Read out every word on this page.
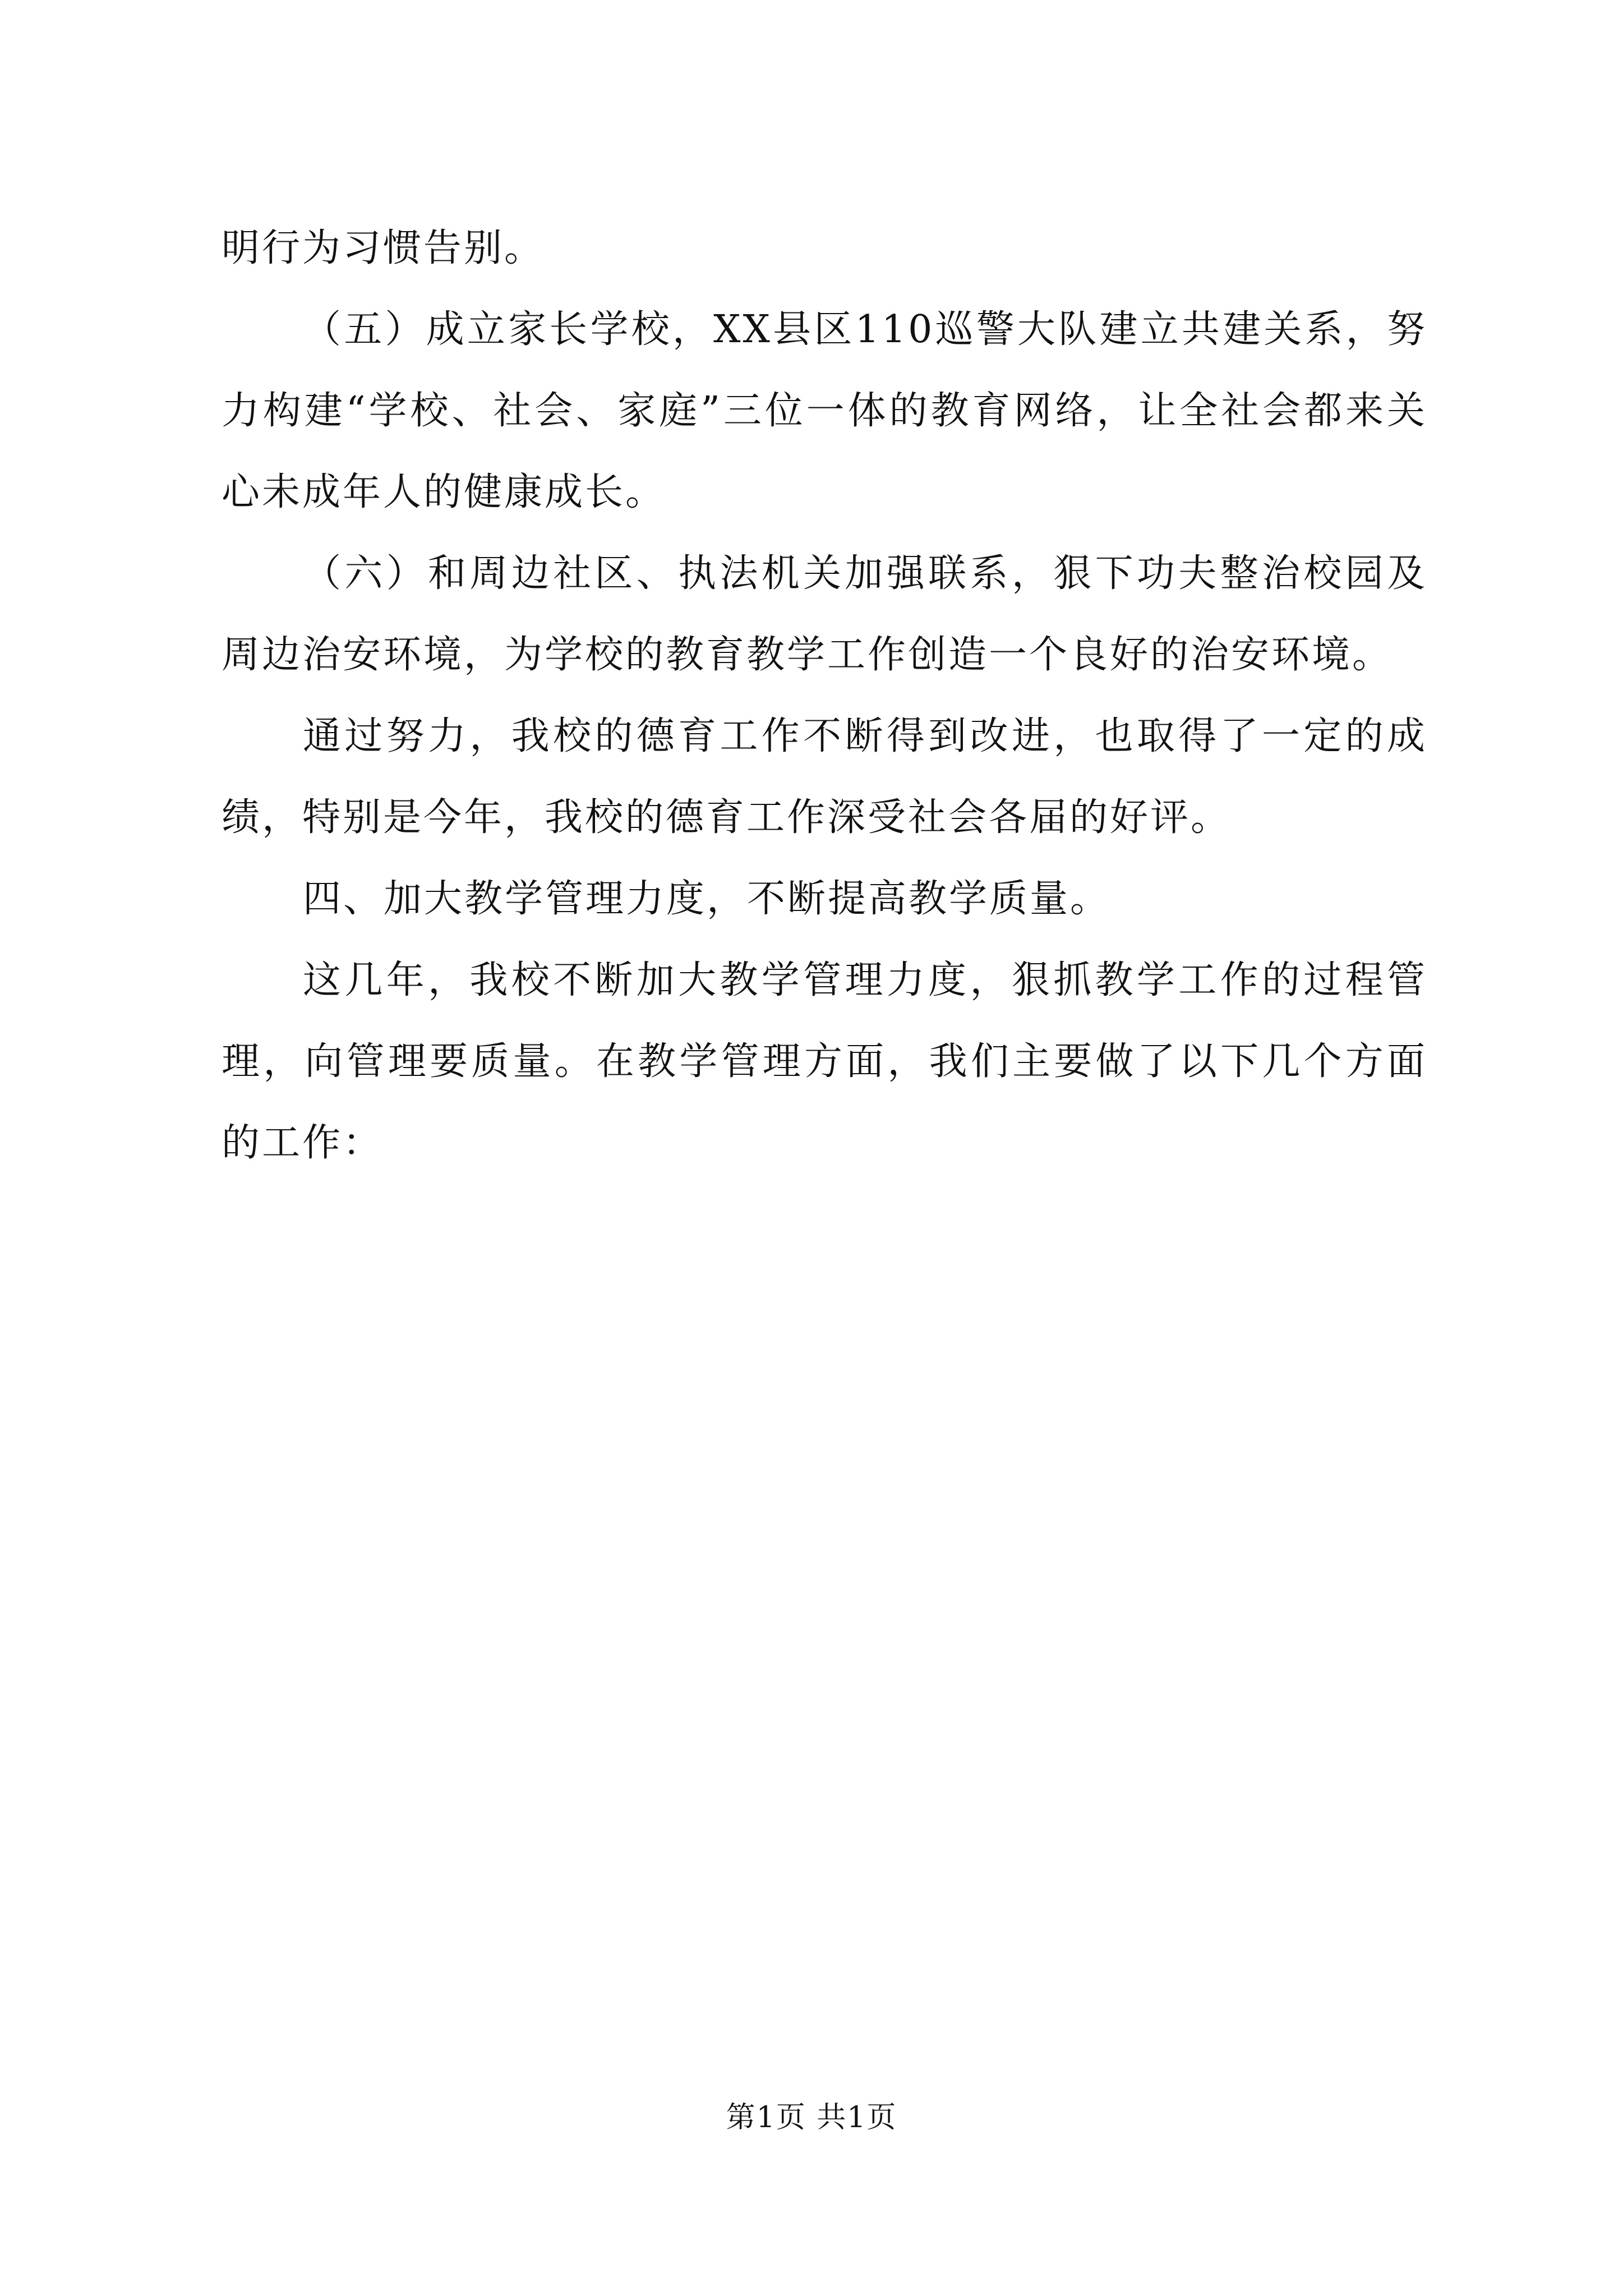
明行为习惯告别。

（五）成立家长学校，XX县区110巡警大队建立共建关系，努力构建“学校、社会、家庭”三位一体的教育网络，让全社会都来关心未成年人的健康成长。

（六）和周边社区、执法机关加强联系，狠下功夫整治校园及周边治安环境，为学校的教育教学工作创造一个良好的治安环境。

通过努力，我校的德育工作不断得到改进，也取得了一定的成绩，特别是今年，我校的德育工作深受社会各届的好评。

四、加大教学管理力度，不断提高教学质量。

这几年，我校不断加大教学管理力度，狠抓教学工作的过程管理，向管理要质量。在教学管理方面，我们主要做了以下几个方面的工作：

第1页 共1页
